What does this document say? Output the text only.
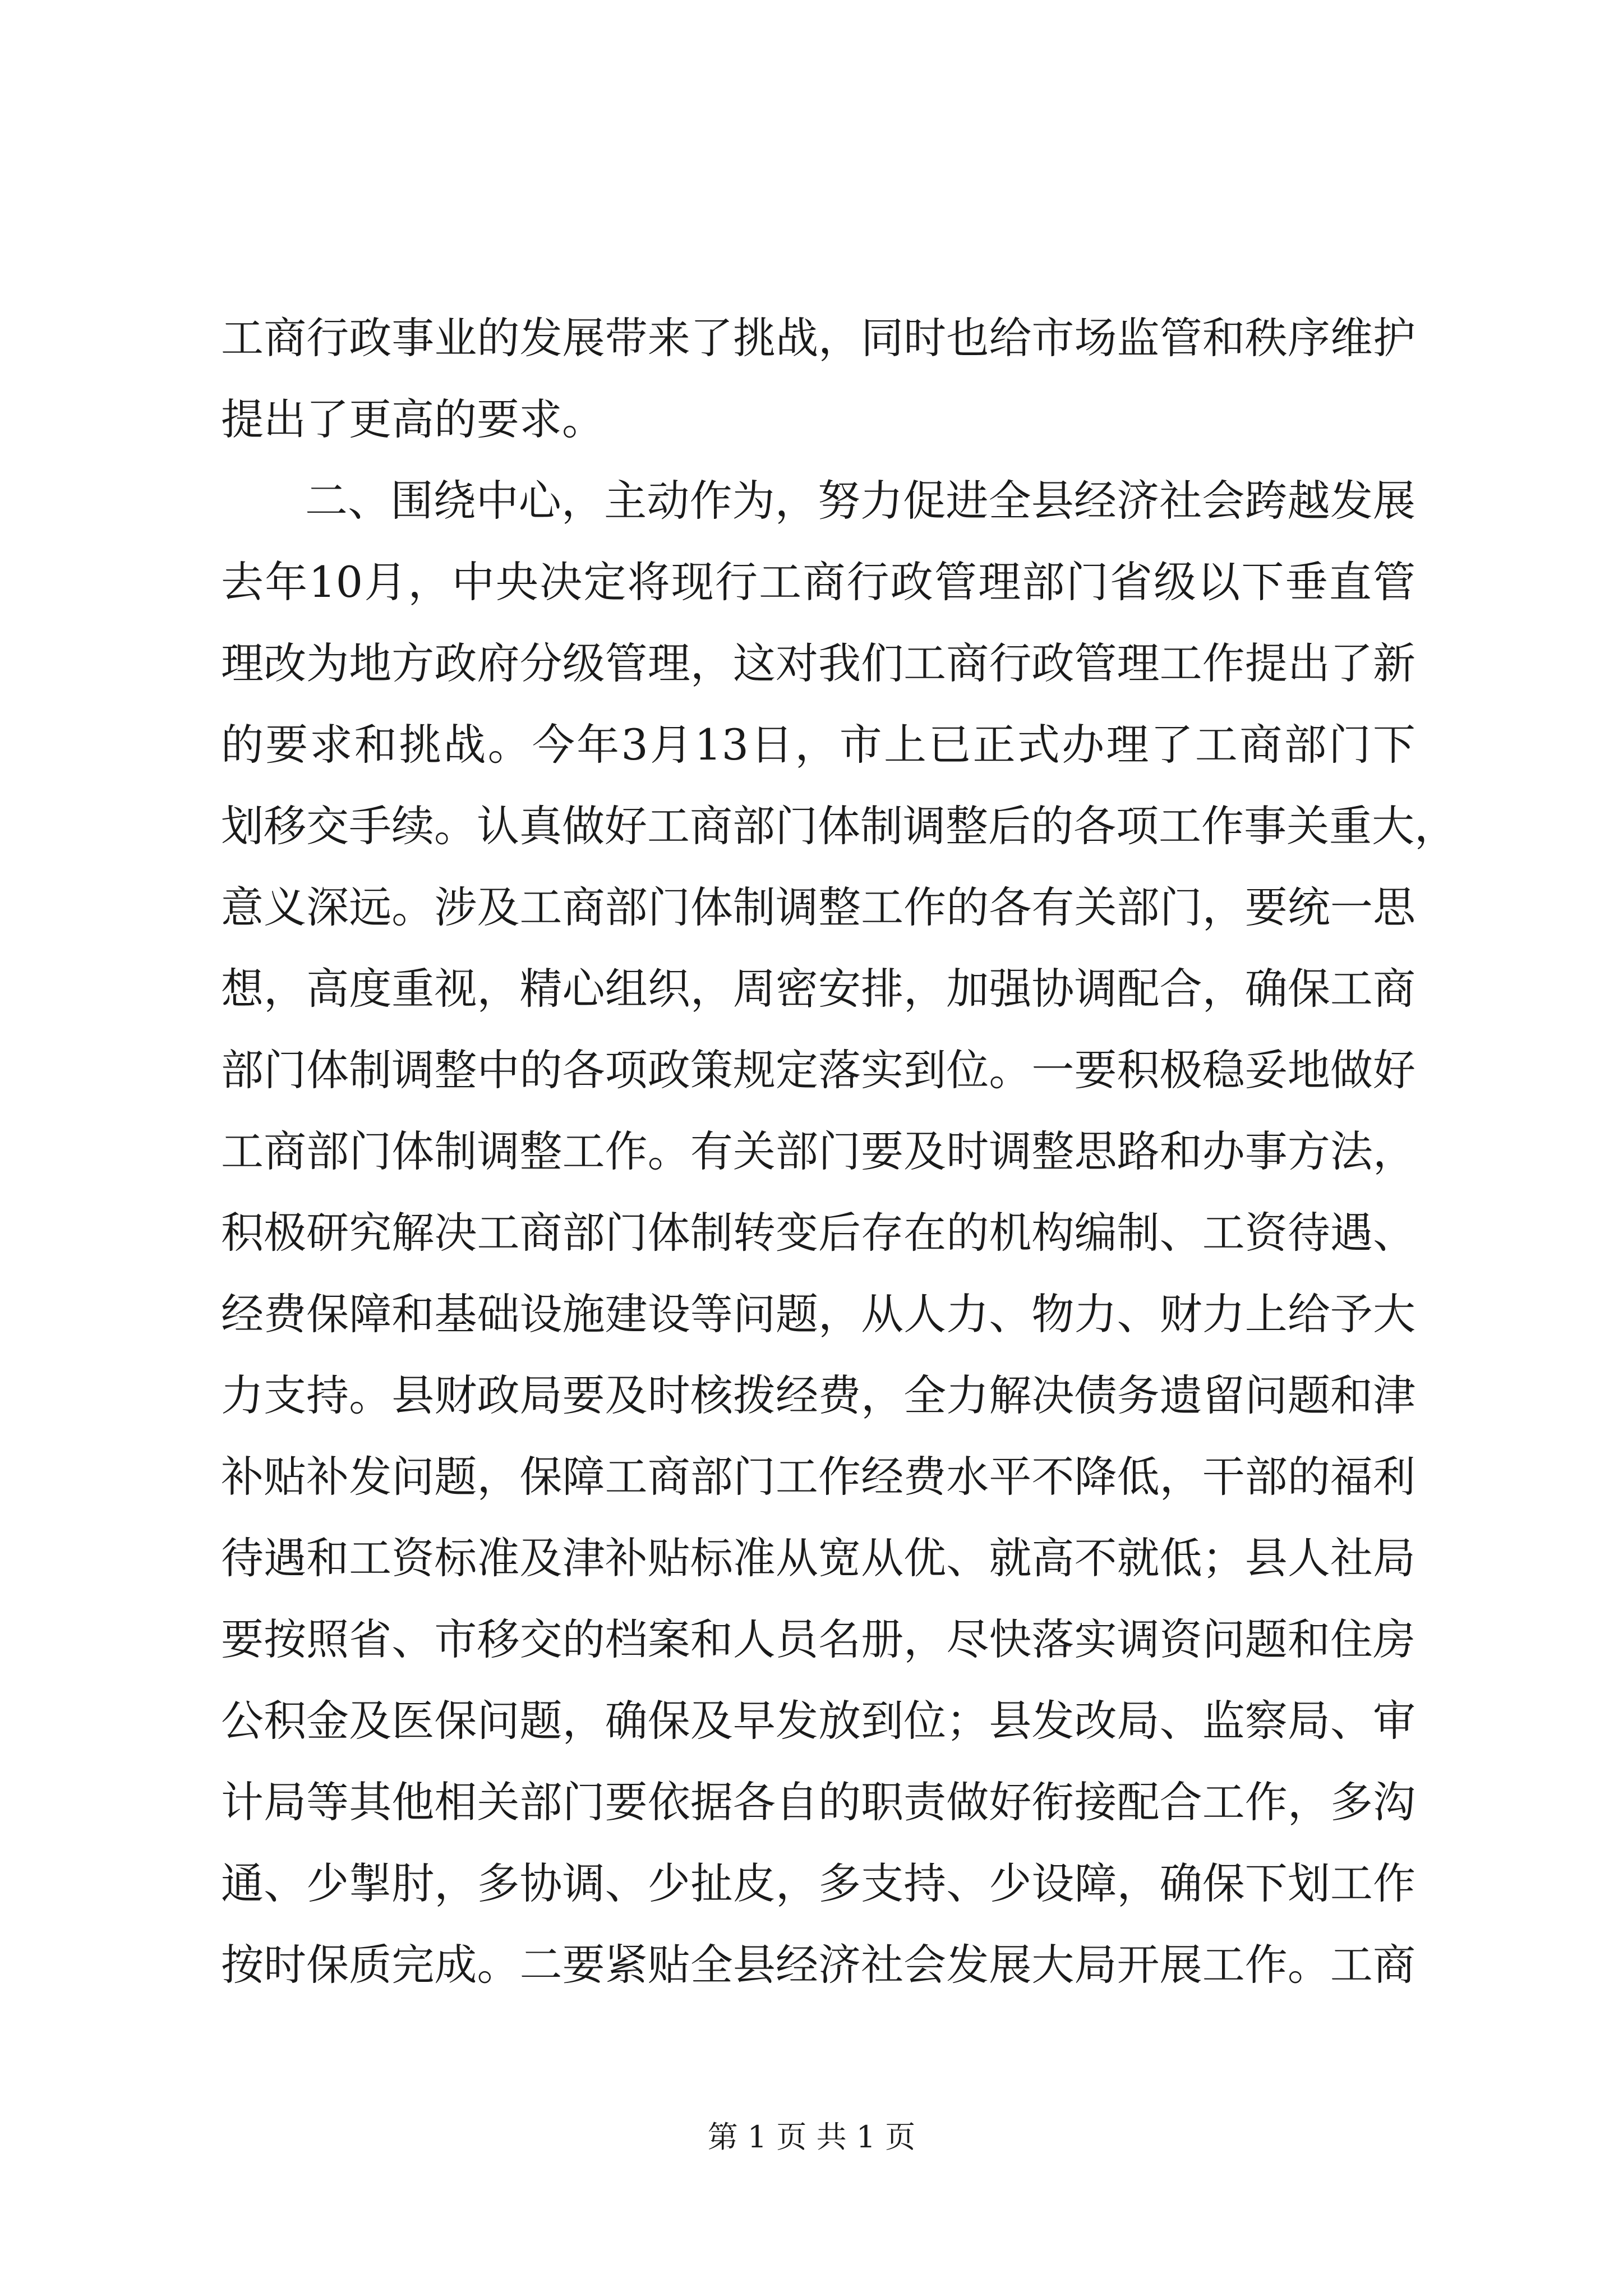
工商行政事业的发展带来了挑战，同时也给市场监管和秩序维护
提出了更高的要求。
二、围绕中心，主动作为，努力促进全县经济社会跨越发展
去年10月，中央决定将现行工商行政管理部门省级以下垂直管
理改为地方政府分级管理，这对我们工商行政管理工作提出了新
的要求和挑战。今年3月13日，市上已正式办理了工商部门下
划移交手续。认真做好工商部门体制调整后的各项工作事关重大，
意义深远。涉及工商部门体制调整工作的各有关部门，要统一思
想，高度重视，精心组织，周密安排，加强协调配合，确保工商
部门体制调整中的各项政策规定落实到位。一要积极稳妥地做好
工商部门体制调整工作。有关部门要及时调整思路和办事方法，
积极研究解决工商部门体制转变后存在的机构编制、工资待遇、
经费保障和基础设施建设等问题，从人力、物力、财力上给予大
力支持。县财政局要及时核拨经费，全力解决债务遗留问题和津
补贴补发问题，保障工商部门工作经费水平不降低，干部的福利
待遇和工资标准及津补贴标准从宽从优、就高不就低；县人社局
要按照省、市移交的档案和人员名册，尽快落实调资问题和住房
公积金及医保问题，确保及早发放到位；县发改局、监察局、审
计局等其他相关部门要依据各自的职责做好衔接配合工作，多沟
通、少掣肘，多协调、少扯皮，多支持、少设障，确保下划工作
按时保质完成。二要紧贴全县经济社会发展大局开展工作。工商
第 1 页 共 1 页
